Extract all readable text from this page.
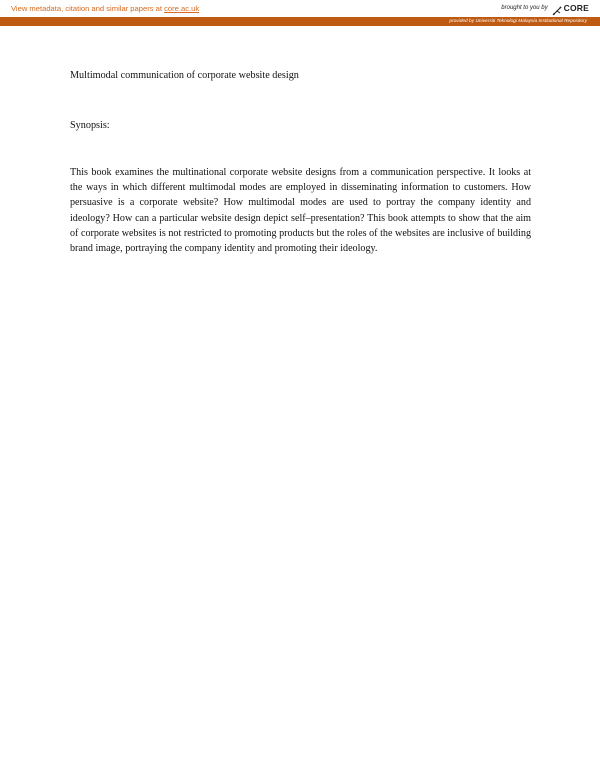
View metadata, citation and similar papers at core.ac.uk	brought to you by CORE
provided by Universiti Teknologi Malaysia Institutional Repository
Multimodal communication of corporate website design
Synopsis:

This book examines the multinational corporate website designs from a communication perspective. It looks at the ways in which different multimodal modes are employed in disseminating information to customers. How persuasive is a corporate website? How multimodal modes are used to portray the company identity and ideology? How can a particular website design depict self–presentation? This book attempts to show that the aim of corporate websites is not restricted to promoting products but the roles of the websites are inclusive of building brand image, portraying the company identity and promoting their ideology.
